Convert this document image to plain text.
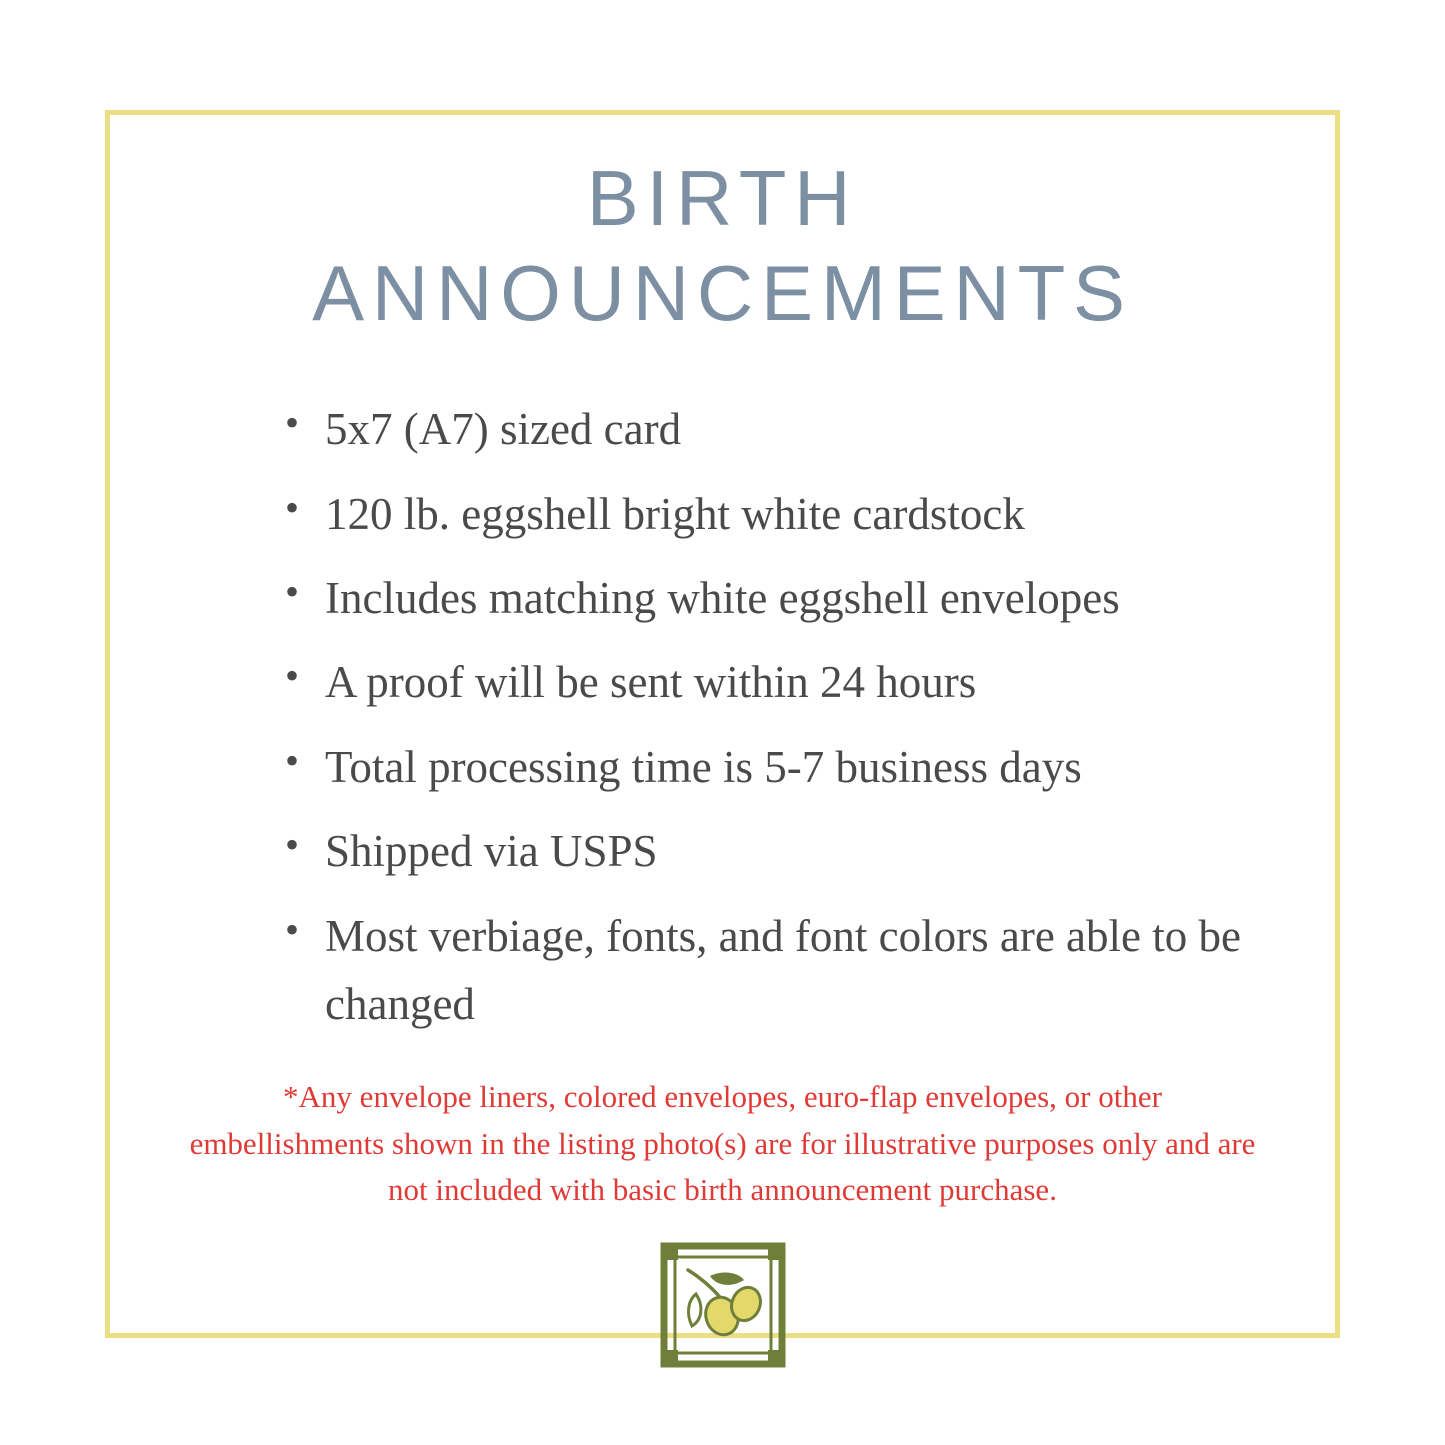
BIRTH
ANNOUNCEMENTS
• 5x7 (A7) sized card
• 120 lb. eggshell bright white cardstock
• Includes matching white eggshell envelopes
• A proof will be sent within 24 hours
• Total processing time is 5-7 business days
• Shipped via USPS
• Most verbiage, fonts, and font colors are able to be changed
*Any envelope liners, colored envelopes, euro-flap envelopes, or other embellishments shown in the listing photo(s) are for illustrative purposes only and are not included with basic birth announcement purchase.
